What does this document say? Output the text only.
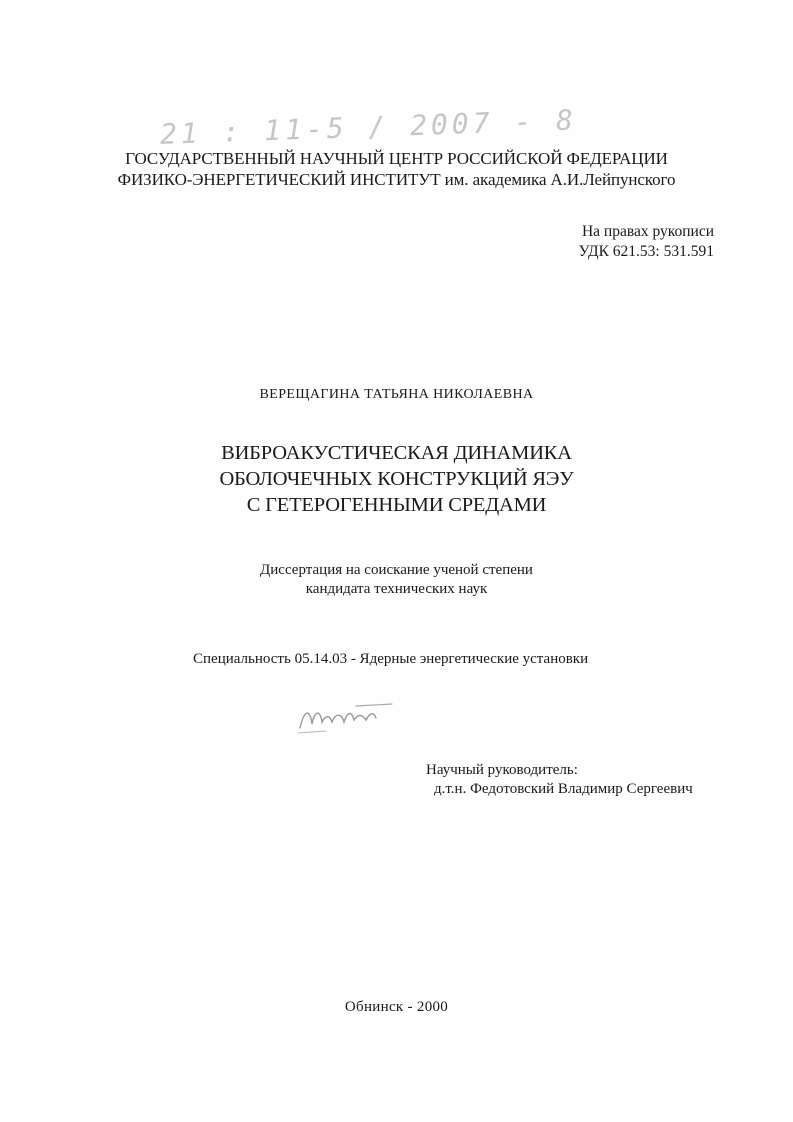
21 : 11-5 / 2007 - 8
ГОСУДАРСТВЕННЫЙ НАУЧНЫЙ ЦЕНТР РОССИЙСКОЙ ФЕДЕРАЦИИ
ФИЗИКО-ЭНЕРГЕТИЧЕСКИЙ ИНСТИТУТ им. академика А.И.Лейпунского
На правах рукописи
УДК 621.53: 531.591
ВЕРЕЩАГИНА ТАТЬЯНА НИКОЛАЕВНА
ВИБРОАКУСТИЧЕСКАЯ ДИНАМИКА
ОБОЛОЧЕЧНЫХ КОНСТРУКЦИЙ ЯЭУ
С ГЕТЕРОГЕННЫМИ СРЕДАМИ
Диссертация на соискание ученой степени
кандидата технических наук
Специальность 05.14.03 - Ядерные энергетические установки
Научный руководитель:
д.т.н. Федотовский Владимир Сергеевич
Обнинск - 2000
